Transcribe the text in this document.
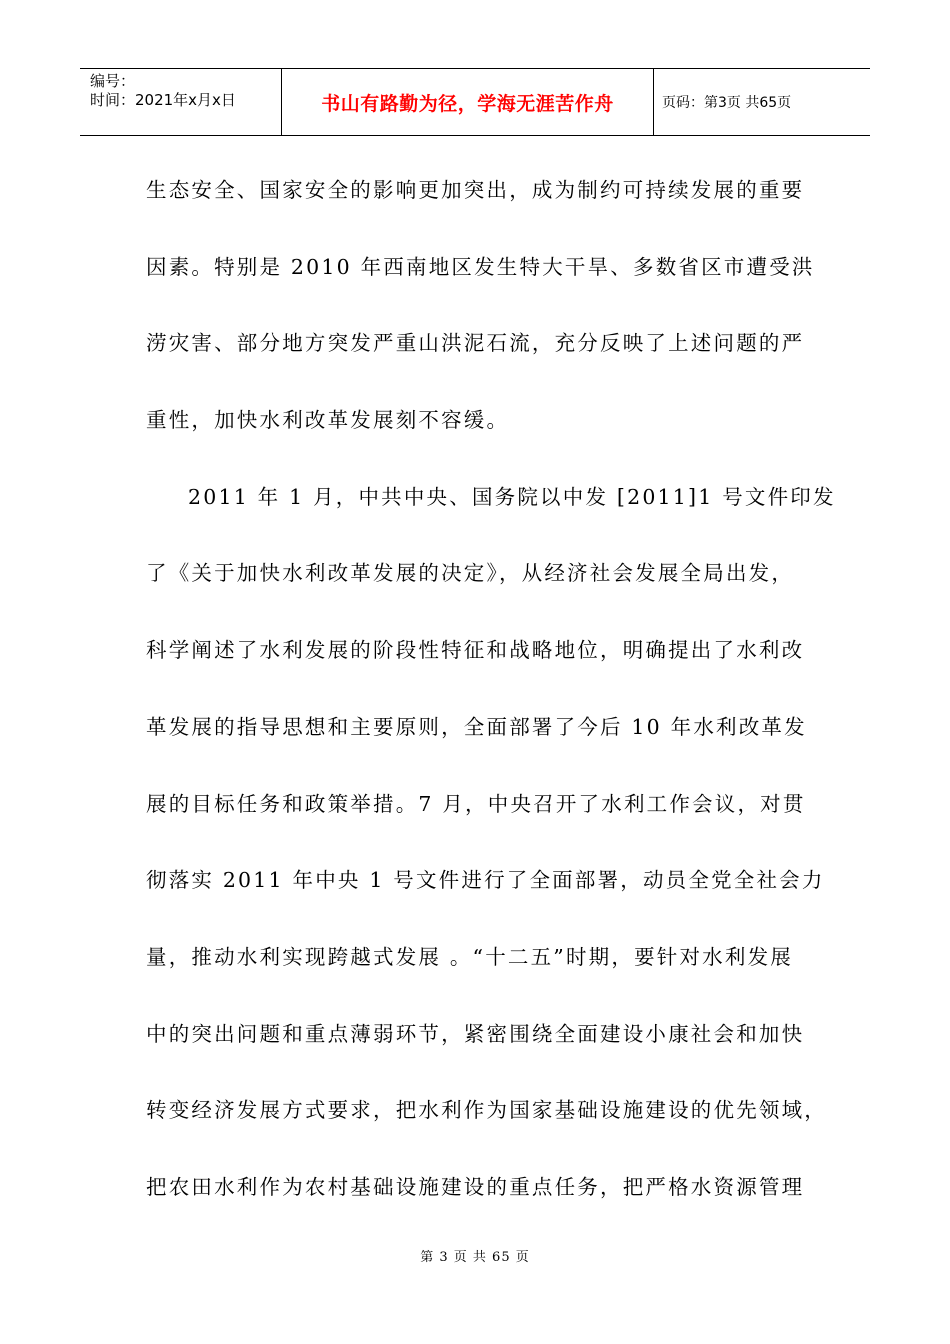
编号：
时间：2021年x月x日	书山有路勤为径，学海无涯苦作舟	页码：第3页 共65页
生态安全、国家安全的影响更加突出，成为制约可持续发展的重要
因素。特别是 2010 年西南地区发生特大干旱、多数省区市遭受洪
涝灾害、部分地方突发严重山洪泥石流，充分反映了上述问题的严
重性，加快水利改革发展刻不容缓。
2011 年 1 月，中共中央、国务院以中发 [2011]1 号文件印发
了《关于加快水利改革发展的决定》，从经济社会发展全局出发，
科学阐述了水利发展的阶段性特征和战略地位，明确提出了水利改
革发展的指导思想和主要原则，全面部署了今后 10 年水利改革发
展的目标任务和政策举措。7 月，中央召开了水利工作会议，对贯
彻落实 2011 年中央 1 号文件进行了全面部署，动员全党全社会力
量，推动水利实现跨越式发展 。“十二五”时期，要针对水利发展
中的突出问题和重点薄弱环节，紧密围绕全面建设小康社会和加快
转变经济发展方式要求，把水利作为国家基础设施建设的优先领域，
把农田水利作为农村基础设施建设的重点任务，把严格水资源管理
第 3 页 共 65 页
